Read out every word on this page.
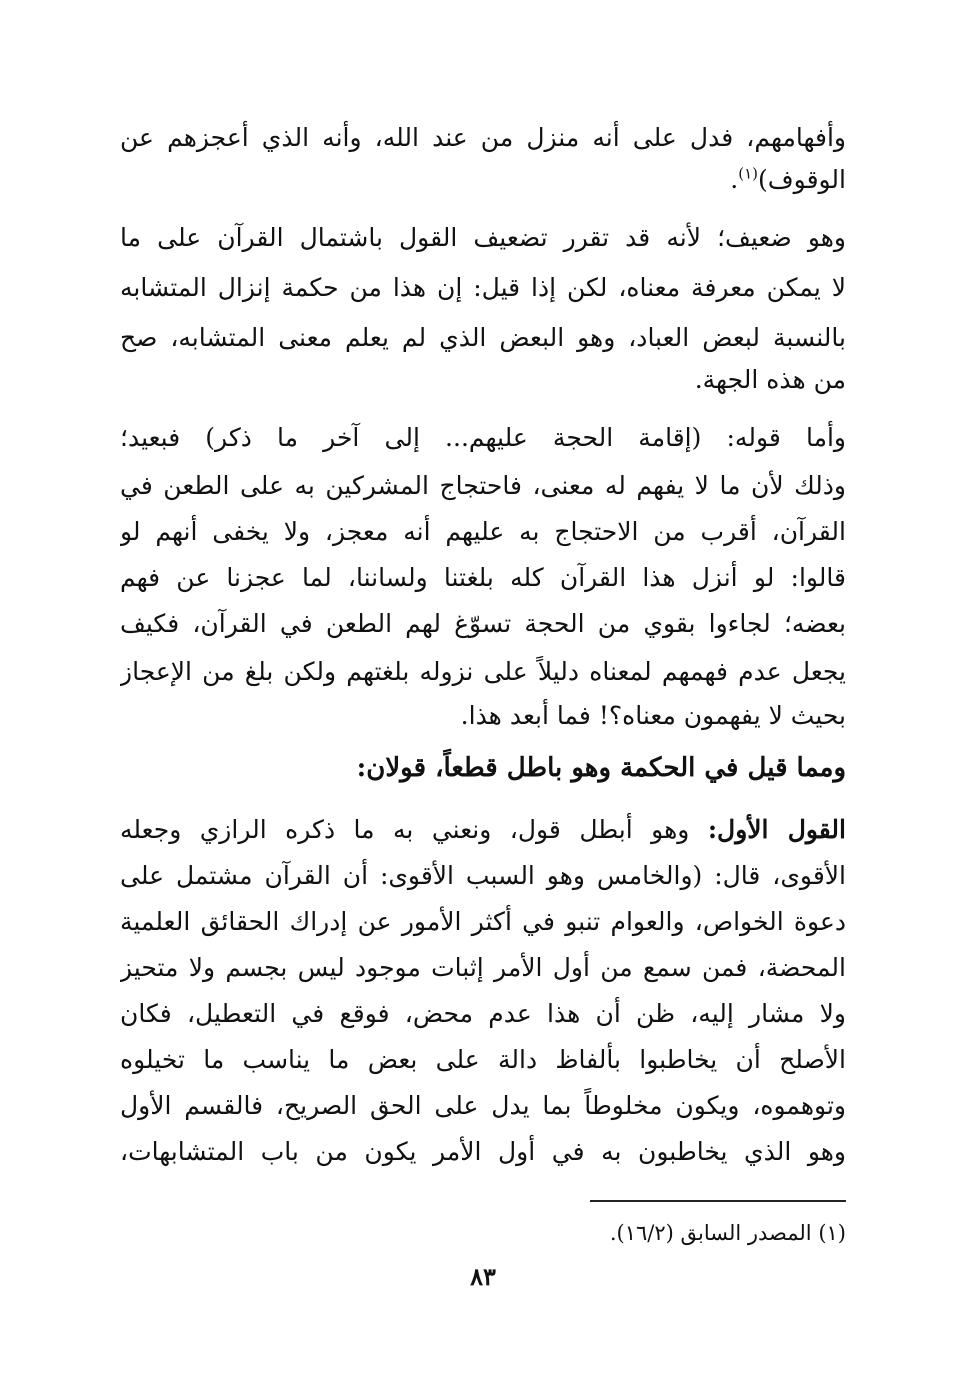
وأفهامهم، فدل على أنه منزل من عند الله، وأنه الذي أعجزهم عن
الوقوف)$^{(١)}$.
وهو ضعيف؛ لأنه قد تقرر تضعيف القول باشتمال القرآن على ما
لا يمكن معرفة معناه، لكن إذا قيل: إن هذا من حكمة إنزال المتشابه
بالنسبة لبعض العباد، وهو البعض الذي لم يعلم معنى المتشابه، صح
من هذه الجهة.
وأما قوله: (إقامة الحجة عليهم... إلى آخر ما ذكر) فبعيد؛
وذلك لأن ما لا يفهم له معنى، فاحتجاج المشركين به على الطعن في
القرآن، أقرب من الاحتجاج به عليهم أنه معجز، ولا يخفى أنهم لو
قالوا: لو أنزل هذا القرآن كله بلغتنا ولساننا، لما عجزنا عن فهم
بعضه؛ لجاءوا بقوي من الحجة تسوّغ لهم الطعن في القرآن، فكيف
يجعل عدم فهمهم لمعناه دليلاً على نزوله بلغتهم ولكن بلغ من الإعجاز
بحيث لا يفهمون معناه؟! فما أبعد هذا.
ومما قيل في الحكمة وهو باطل قطعاً، قولان:
القول الأول: وهو أبطل قول، ونعني به ما ذكره الرازي وجعله
الأقوى، قال: (والخامس وهو السبب الأقوى: أن القرآن مشتمل على
دعوة الخواص، والعوام تنبو في أكثر الأمور عن إدراك الحقائق العلمية
المحضة، فمن سمع من أول الأمر إثبات موجود ليس بجسم ولا متحيز
ولا مشار إليه، ظن أن هذا عدم محض، فوقع في التعطيل، فكان
الأصلح أن يخاطبوا بألفاظ دالة على بعض ما يناسب ما تخيلوه
وتوهموه، ويكون مخلوطاً بما يدل على الحق الصريح، فالقسم الأول
وهو الذي يخاطبون به في أول الأمر يكون من باب المتشابهات،
(١) المصدر السابق (١٦/٢).
٨٣
